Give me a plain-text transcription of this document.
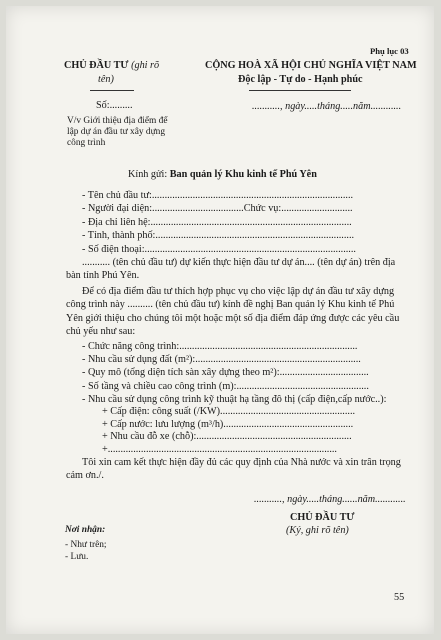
Phụ lục 03
CHỦ ĐẦU TƯ (ghi rõ
tên)
CỘNG HOÀ XÃ HỘI CHỦ NGHĨA VIỆT NAM
Độc lập - Tự do - Hạnh phúc
Số:.........	..........., ngày.....tháng.....năm............
V/v Giới thiệu địa điểm để
lập dự án đầu tư xây dựng
công trình
Kính gửi: Ban quản lý Khu kinh tế Phú Yên
- Tên chủ đầu tư:...............................................................................
- Người đại diện:....................................Chức vụ:............................
- Địa chỉ liên hệ:...............................................................................
- Tỉnh, thành phố:..............................................................................
- Số điện thoại:...................................................................................
........... (tên chủ đầu tư) dự kiến thực hiện đầu tư dự án.... (tên dự án) trên địa
bàn tỉnh Phú Yên.
Để có địa điểm đầu tư thích hợp phục vụ cho việc lập dự án đầu tư xây dựng
công trình này .......... (tên chủ đầu tư) kính đề nghị Ban quản lý Khu kinh tế Phú
Yên giới thiệu cho chúng tôi một hoặc một số địa điểm đáp ứng được các yêu cầu
chủ yếu như sau:
- Chức năng công trình:......................................................................
- Nhu cầu sử dụng đất (m²):.................................................................
- Quy mô (tổng diện tích sàn xây dựng theo m²):...................................
- Số tầng và chiều cao công trình (m):....................................................
- Nhu cầu sử dụng công trình kỹ thuật hạ tầng đô thị (cấp điện,cấp nước..):
+ Cấp điện: công suất (/KW).....................................................
+ Cấp nước: lưu lượng (m³/h)...................................................
+ Nhu cầu đỗ xe (chỗ):.............................................................
+..........................................................................................
Tôi xin cam kết thực hiện đầy đủ các quy định của Nhà nước và xin trân trọng
cảm ơn./.
..........., ngày.....tháng......năm............
CHỦ ĐẦU TƯ
(Ký, ghi rõ tên)
Nơi nhận:
- Như trên;
- Lưu.
55
